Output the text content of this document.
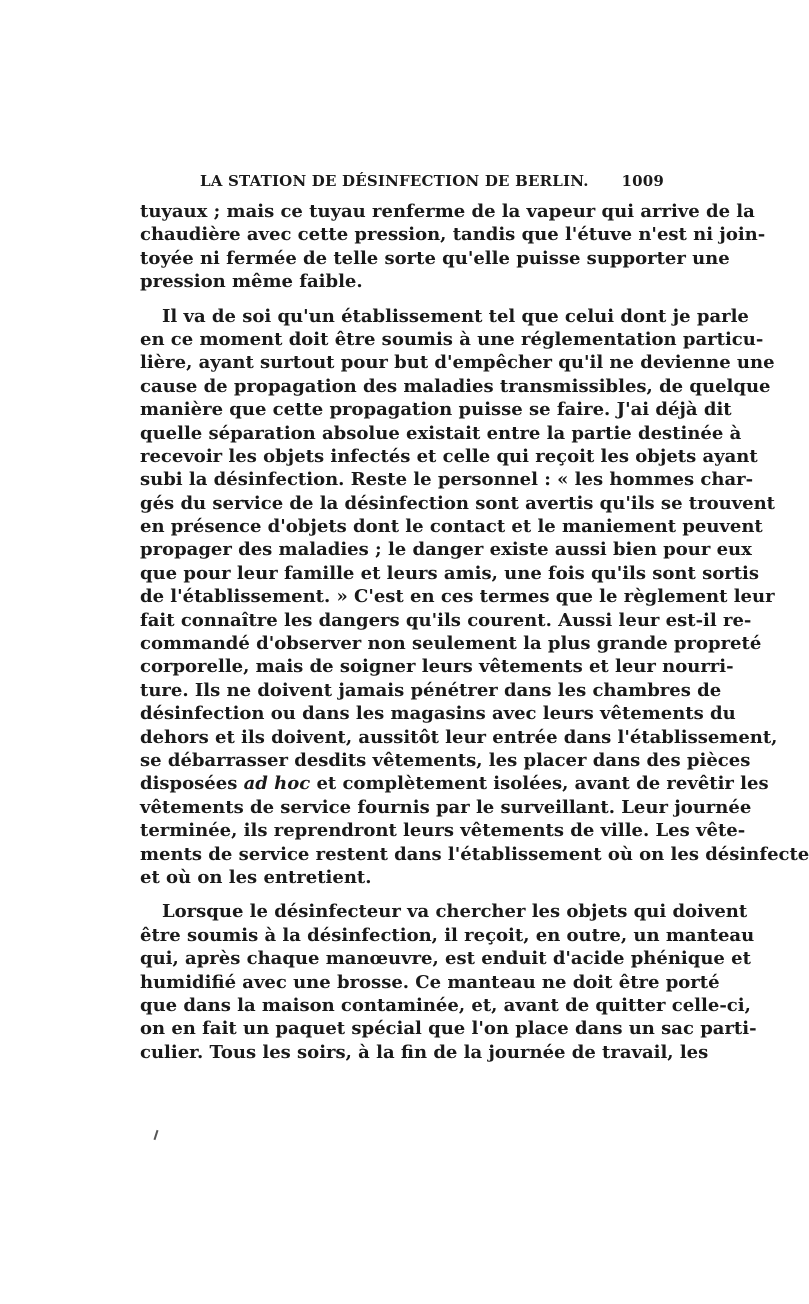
LA STATION DE DÉSINFECTION DE BERLIN. 1009
tuyaux ; mais ce tuyau renferme de la vapeur qui arrive de la
chaudière avec cette pression, tandis que l'étuve n'est ni join-
toyée ni fermée de telle sorte qu'elle puisse supporter une
pression même faible.
Il va de soi qu'un établissement tel que celui dont je parle
en ce moment doit être soumis à une réglementation particu-
lière, ayant surtout pour but d'empêcher qu'il ne devienne une
cause de propagation des maladies transmissibles, de quelque
manière que cette propagation puisse se faire. J'ai déjà dit
quelle séparation absolue existait entre la partie destinée à
recevoir les objets infectés et celle qui reçoit les objets ayant
subi la désinfection. Reste le personnel : « les hommes char-
gés du service de la désinfection sont avertis qu'ils se trouvent
en présence d'objets dont le contact et le maniement peuvent
propager des maladies ; le danger existe aussi bien pour eux
que pour leur famille et leurs amis, une fois qu'ils sont sortis
de l'établissement. » C'est en ces termes que le règlement leur
fait connaître les dangers qu'ils courent. Aussi leur est-il re-
commandé d'observer non seulement la plus grande propreté
corporelle, mais de soigner leurs vêtements et leur nourri-
ture. Ils ne doivent jamais pénétrer dans les chambres de
désinfection ou dans les magasins avec leurs vêtements du
dehors et ils doivent, aussitôt leur entrée dans l'établissement,
se débarrasser desdits vêtements, les placer dans des pièces
disposées ad hoc et complètement isolées, avant de revêtir les
vêtements de service fournis par le surveillant. Leur journée
terminée, ils reprendront leurs vêtements de ville. Les vête-
ments de service restent dans l'établissement où on les désinfecte
et où on les entretient.
Lorsque le désinfecteur va chercher les objets qui doivent
être soumis à la désinfection, il reçoit, en outre, un manteau
qui, après chaque manœuvre, est enduit d'acide phénique et
humidifié avec une brosse. Ce manteau ne doit être porté
que dans la maison contaminée, et, avant de quitter celle-ci,
on en fait un paquet spécial que l'on place dans un sac parti-
culier. Tous les soirs, à la fin de la journée de travail, les
